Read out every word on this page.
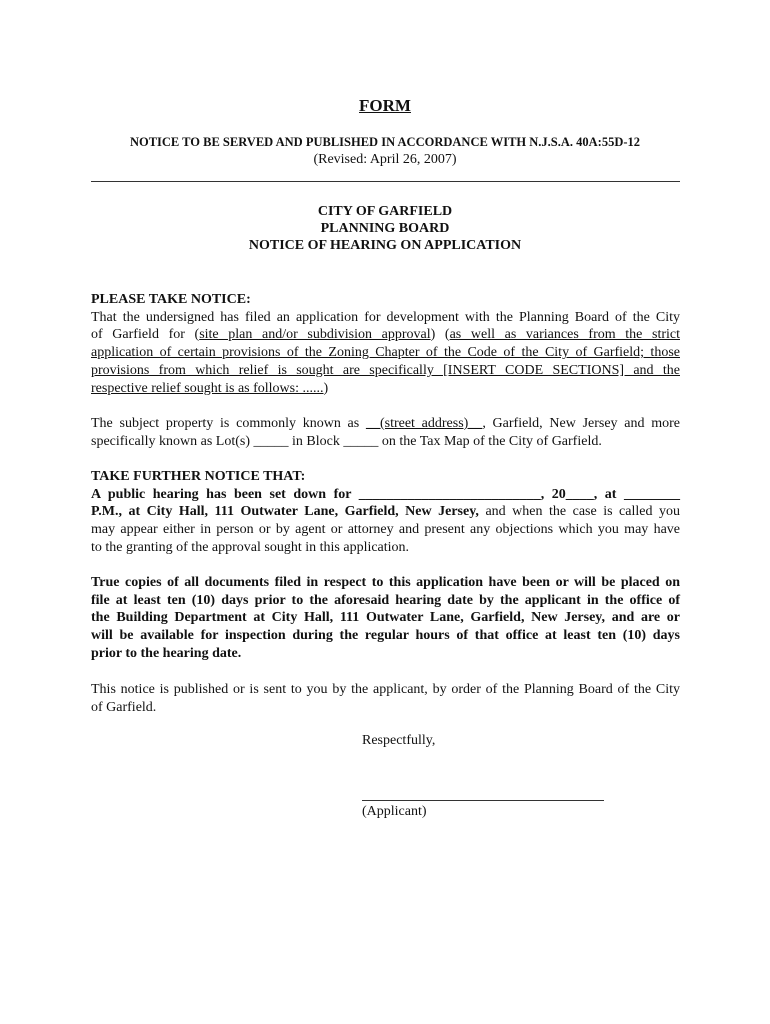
FORM
NOTICE TO BE SERVED AND PUBLISHED IN ACCORDANCE WITH N.J.S.A. 40A:55D-12
(Revised: April 26, 2007)
CITY OF GARFIELD
PLANNING BOARD
NOTICE OF HEARING ON APPLICATION
PLEASE TAKE NOTICE:
That the undersigned has filed an application for development with the Planning Board of the City
of Garfield for (site plan and/or subdivision approval) (as well as variances from the strict
application of certain provisions of the Zoning Chapter of the Code of the City of Garfield; those
provisions from which relief is sought are specifically [INSERT CODE SECTIONS] and the
respective relief sought is as follows: ......)
The subject property is commonly known as __(street address)__, Garfield, New Jersey and more
specifically known as Lot(s) _____ in Block _____ on the Tax Map of the City of Garfield.
TAKE FURTHER NOTICE THAT:
A public hearing has been set down for __________________________, 20____, at ________
P.M., at City Hall, 111 Outwater Lane, Garfield, New Jersey, and when the case is called you
may appear either in person or by agent or attorney and present any objections which you may have
to the granting of the approval sought in this application.
True copies of all documents filed in respect to this application have been or will be placed on
file at least ten (10) days prior to the aforesaid hearing date by the applicant in the office of
the Building Department at City Hall, 111 Outwater Lane, Garfield, New Jersey, and are or
will be available for inspection during the regular hours of that office at least ten (10) days
prior to the hearing date.
This notice is published or is sent to you by the applicant, by order of the Planning Board of the City
of Garfield.
Respectfully,
(Applicant)
